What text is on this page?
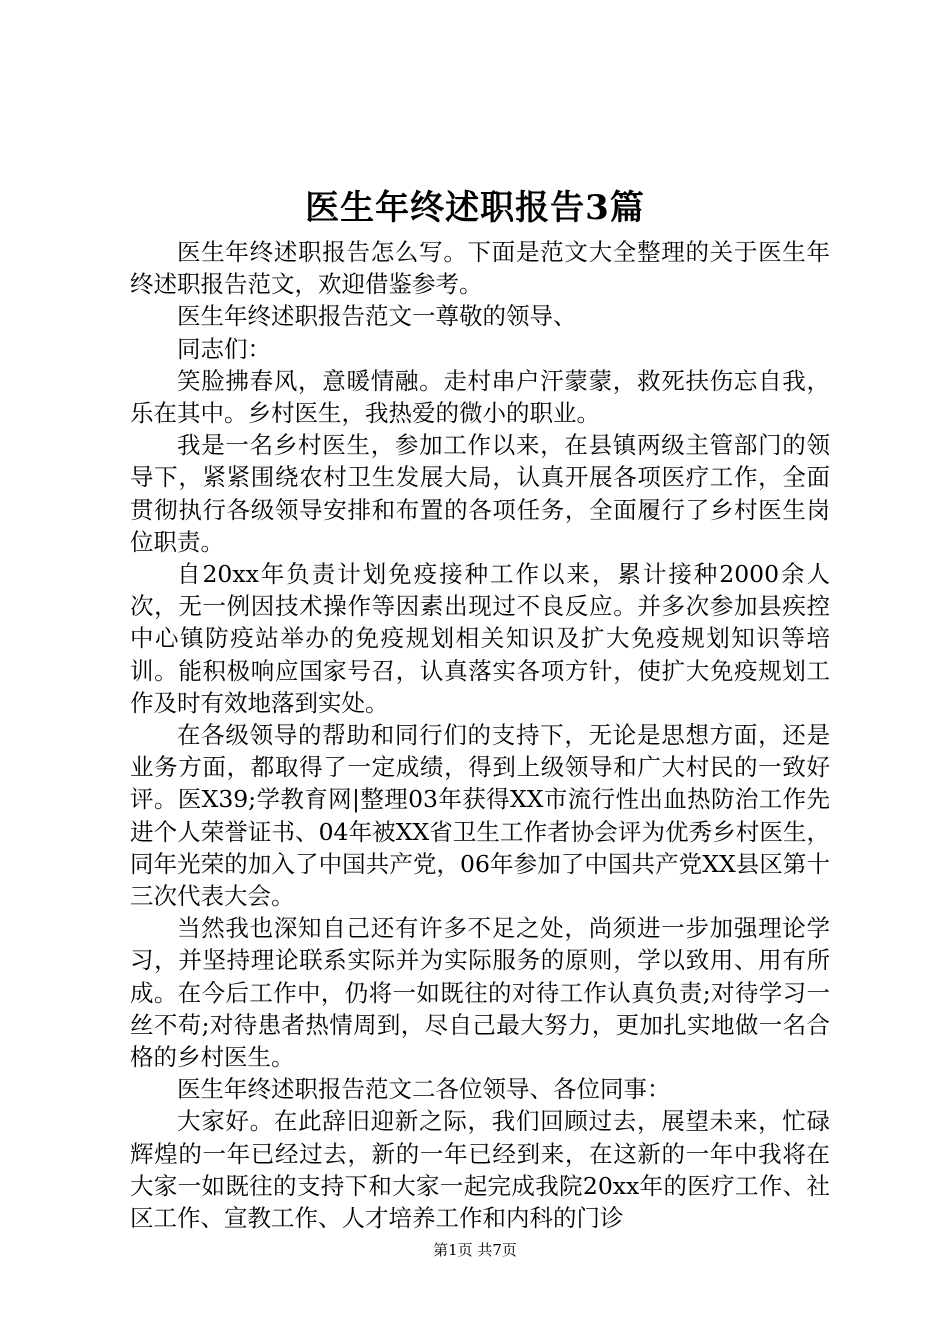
医生年终述职报告3篇

医生年终述职报告怎么写。下面是范文大全整理的关于医生年终述职报告范文，欢迎借鉴参考。

医生年终述职报告范文一尊敬的领导、

同志们：

笑脸拂春风，意暖情融。走村串户汗蒙蒙，救死扶伤忘自我，乐在其中。乡村医生，我热爱的微小的职业。

我是一名乡村医生，参加工作以来，在县镇两级主管部门的领导下，紧紧围绕农村卫生发展大局，认真开展各项医疗工作，全面贯彻执行各级领导安排和布置的各项任务，全面履行了乡村医生岗位职责。

自20xx年负责计划免疫接种工作以来，累计接种2000余人次，无一例因技术操作等因素出现过不良反应。并多次参加县疾控中心镇防疫站举办的免疫规划相关知识及扩大免疫规划知识等培训。能积极响应国家号召，认真落实各项方针，使扩大免疫规划工作及时有效地落到实处。

在各级领导的帮助和同行们的支持下，无论是思想方面，还是业务方面，都取得了一定成绩，得到上级领导和广大村民的一致好评。医X39;学教育网|整理03年获得XX市流行性出血热防治工作先进个人荣誉证书、04年被XX省卫生工作者协会评为优秀乡村医生，同年光荣的加入了中国共产党，06年参加了中国共产党XX县区第十三次代表大会。

当然我也深知自己还有许多不足之处，尚须进一步加强理论学习，并坚持理论联系实际并为实际服务的原则，学以致用、用有所成。在今后工作中，仍将一如既往的对待工作认真负责;对待学习一丝不苟;对待患者热情周到，尽自己最大努力，更加扎实地做一名合格的乡村医生。

医生年终述职报告范文二各位领导、各位同事：

大家好。在此辞旧迎新之际，我们回顾过去，展望未来，忙碌辉煌的一年已经过去，新的一年已经到来，在这新的一年中我将在大家一如既往的支持下和大家一起完成我院20xx年的医疗工作、社区工作、宣教工作、人才培养工作和内科的门诊

第1页 共7页
